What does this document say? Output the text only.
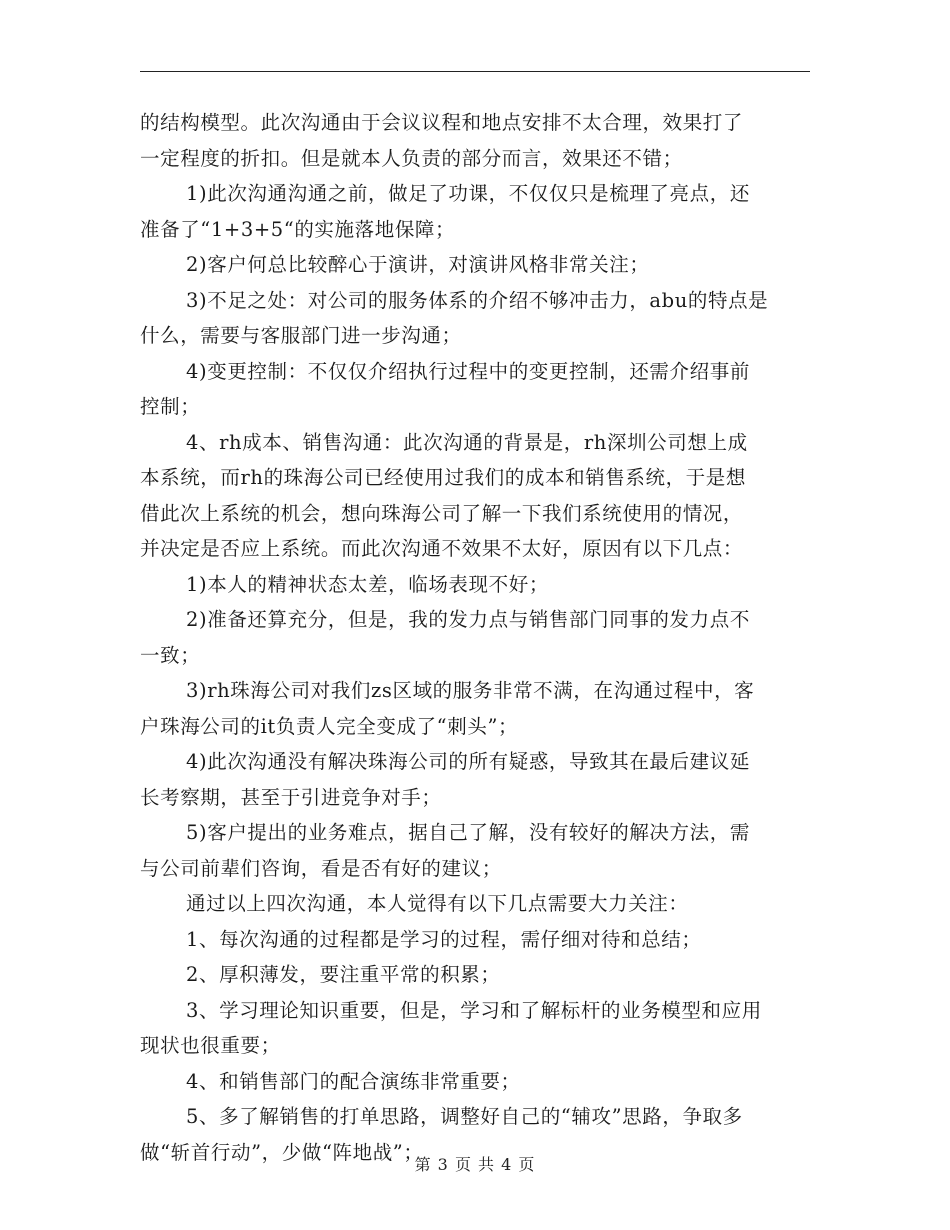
的结构模型。此次沟通由于会议议程和地点安排不太合理，效果打了
一定程度的折扣。但是就本人负责的部分而言，效果还不错；
1)此次沟通沟通之前，做足了功课，不仅仅只是梳理了亮点，还
准备了“1+3+5“的实施落地保障；
2)客户何总比较醉心于演讲，对演讲风格非常关注；
3)不足之处：对公司的服务体系的介绍不够冲击力，abu的特点是
什么，需要与客服部门进一步沟通；
4)变更控制：不仅仅介绍执行过程中的变更控制，还需介绍事前
控制；
4、rh成本、销售沟通：此次沟通的背景是，rh深圳公司想上成
本系统，而rh的珠海公司已经使用过我们的成本和销售系统，于是想
借此次上系统的机会，想向珠海公司了解一下我们系统使用的情况，
并决定是否应上系统。而此次沟通不效果不太好，原因有以下几点：
1)本人的精神状态太差，临场表现不好；
2)准备还算充分，但是，我的发力点与销售部门同事的发力点不
一致；
3)rh珠海公司对我们zs区域的服务非常不满，在沟通过程中，客
户珠海公司的it负责人完全变成了“刺头”；
4)此次沟通没有解决珠海公司的所有疑惑，导致其在最后建议延
长考察期，甚至于引进竞争对手；
5)客户提出的业务难点，据自己了解，没有较好的解决方法，需
与公司前辈们咨询，看是否有好的建议；
通过以上四次沟通，本人觉得有以下几点需要大力关注：
1、每次沟通的过程都是学习的过程，需仔细对待和总结；
2、厚积薄发，要注重平常的积累；
3、学习理论知识重要，但是，学习和了解标杆的业务模型和应用
现状也很重要；
4、和销售部门的配合演练非常重要；
5、多了解销售的打单思路，调整好自己的“辅攻”思路，争取多
做“斩首行动”，少做“阵地战”；
第 3 页 共 4 页
